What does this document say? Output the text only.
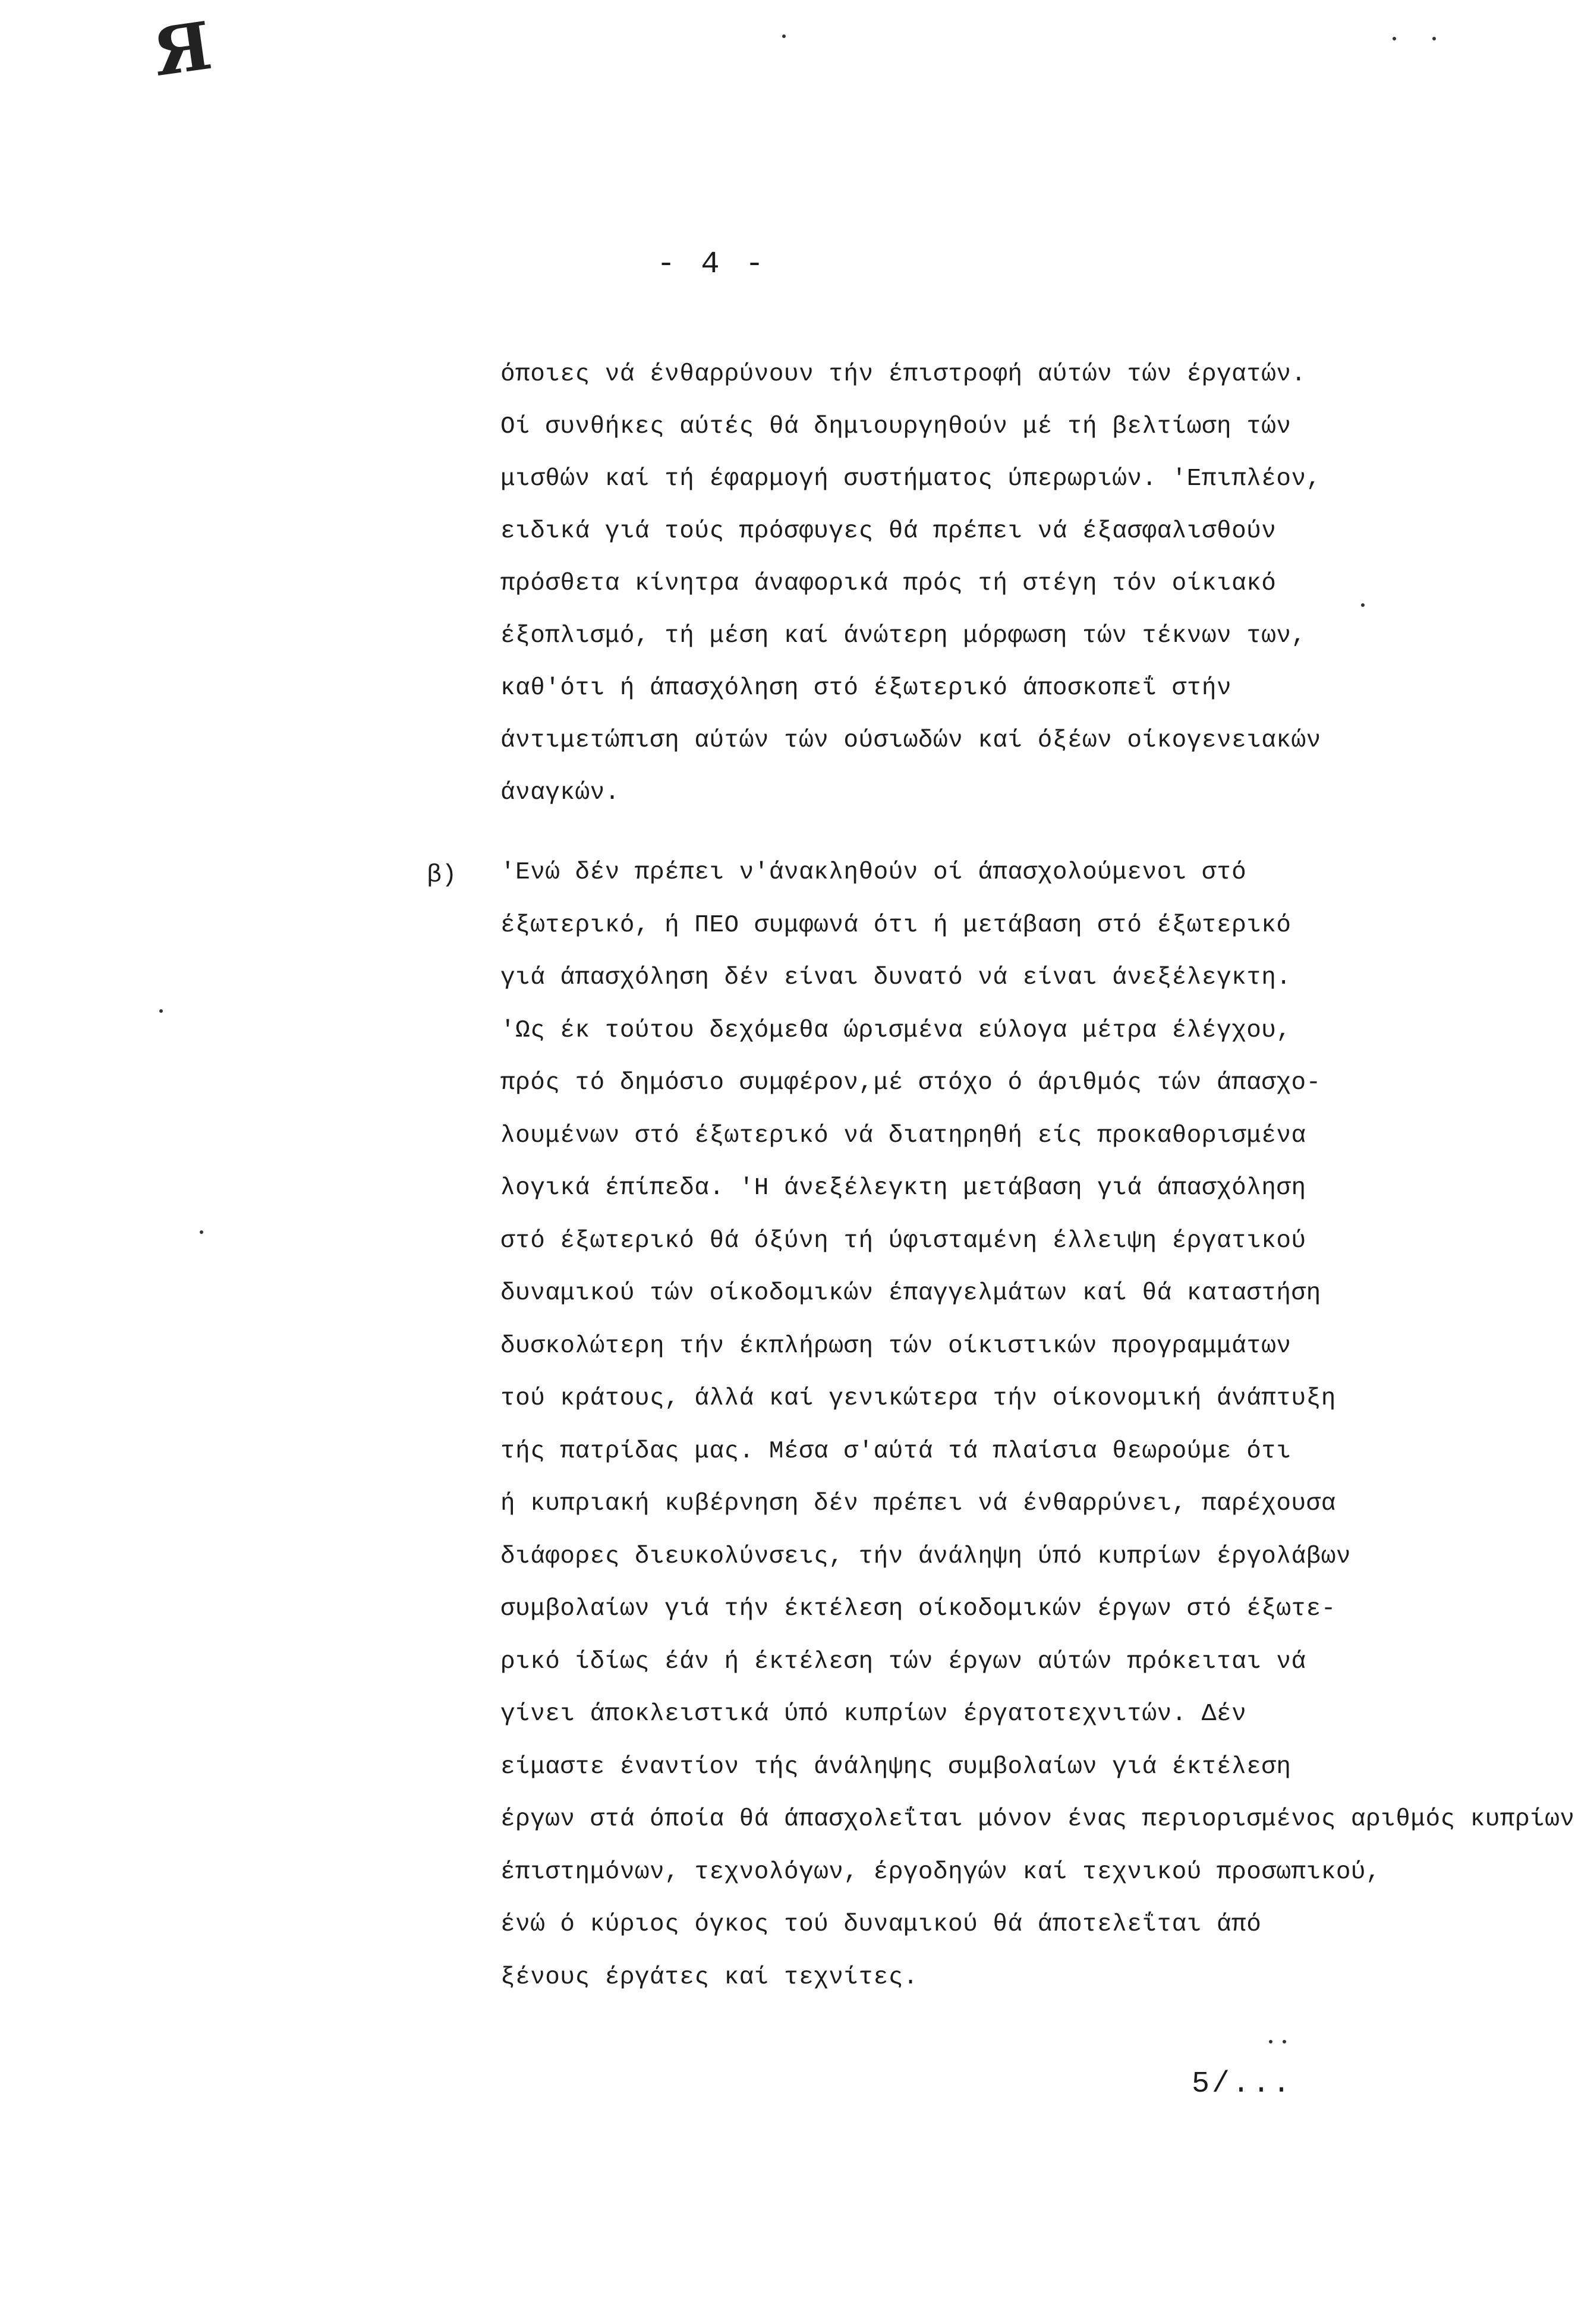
Я
- 4 -
όποιες νά ένθαρρύνουν τήν έπιστροφή αύτών τών έργατών.
Οί συνθήκες αύτές θά δημιουργηθούν μέ τή βελτίωση τών
μισθών καί τή έφαρμογή συστήματος ύπερωριών. 'Επιπλέον,
ειδικά γιά τούς πρόσφυγες θά πρέπει νά έξασφαλισθούν
πρόσθετα κίνητρα άναφορικά πρός τή στέγη τόν οίκιακό
έξοπλισμό, τή μέση καί άνώτερη μόρφωση τών τέκνων των,
καθ'ότι ή άπασχόληση στό έξωτερικό άποσκοπεΐ στήν
άντιμετώπιση αύτών τών ούσιωδών καί όξέων οίκογενειακών
άναγκών.
β) 'Ενώ δέν πρέπει ν'άνακληθούν οί άπασχολούμενοι στό
έξωτερικό, ή ΠΕΟ συμφωνά ότι ή μετάβαση στό έξωτερικό
γιά άπασχόληση δέν είναι δυνατό νά είναι άνεξέλεγκτη.
'Ως έκ τούτου δεχόμεθα ώρισμένα εύλογα μέτρα έλέγχου,
πρός τό δημόσιο συμφέρον,μέ στόχο ό άριθμός τών άπασχο-
λουμένων στό έξωτερικό νά διατηρηθή είς προκαθορισμένα
λογικά έπίπεδα. 'Η άνεξέλεγκτη μετάβαση γιά άπασχόληση
στό έξωτερικό θά όξύνη τή ύφισταμένη έλλειψη έργατικού
δυναμικού τών οίκοδομικών έπαγγελμάτων καί θά καταστήση
δυσκολώτερη τήν έκπλήρωση τών οίκιστικών προγραμμάτων
τού κράτους, άλλά καί γενικώτερα τήν οίκονομική άνάπτυξη
τής πατρίδας μας. Μέσα σ'αύτά τά πλαίσια θεωρούμε ότι
ή κυπριακή κυβέρνηση δέν πρέπει νά ένθαρρύνει, παρέχουσα
διάφορες διευκολύνσεις, τήν άνάληψη ύπό κυπρίων έργολάβων
συμβολαίων γιά τήν έκτέλεση οίκοδομικών έργων στό έξωτε-
ρικό ίδίως έάν ή έκτέλεση τών έργων αύτών πρόκειται νά
γίνει άποκλειστικά ύπό κυπρίων έργατοτεχνιτών. Δέν
είμαστε έναντίον τής άνάληψης συμβολαίων γιά έκτέλεση
έργων στά όποία θά άπασχολεΐται μόνον ένας περιορισμένος αριθμός κυπρίων
έπιστημόνων, τεχνολόγων, έργοδηγών καί τεχνικού προσωπικού,
ένώ ό κύριος όγκος τού δυναμικού θά άποτελεΐται άπό
ξένους έργάτες καί τεχνίτες.
5/...
